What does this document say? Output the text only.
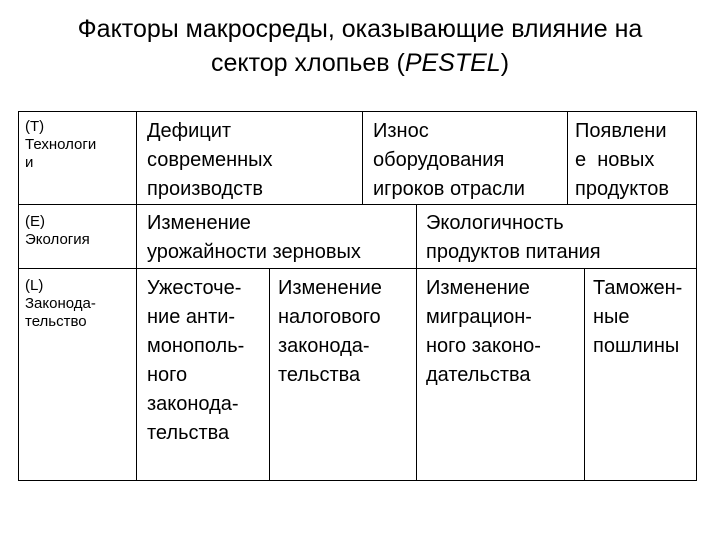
Факторы макросреды, оказывающие влияние на
сектор хлопьев (PESTEL)
(T)
Технологи
и
Дефицит
современных
производств
Износ
оборудования
игроков отрасли
Появлени
е  новых
продуктов
(E)
Экология
Изменение
урожайности зерновых
Экологичность
продуктов питания
(L)
Законода-
тельство
Ужесточе-
ние анти-
монополь-
ного
законода-
тельства
Изменение
налогового
законода-
тельства
Изменение
миграцион-
ного законо-
дательства
Таможен-
ные
пошлины
